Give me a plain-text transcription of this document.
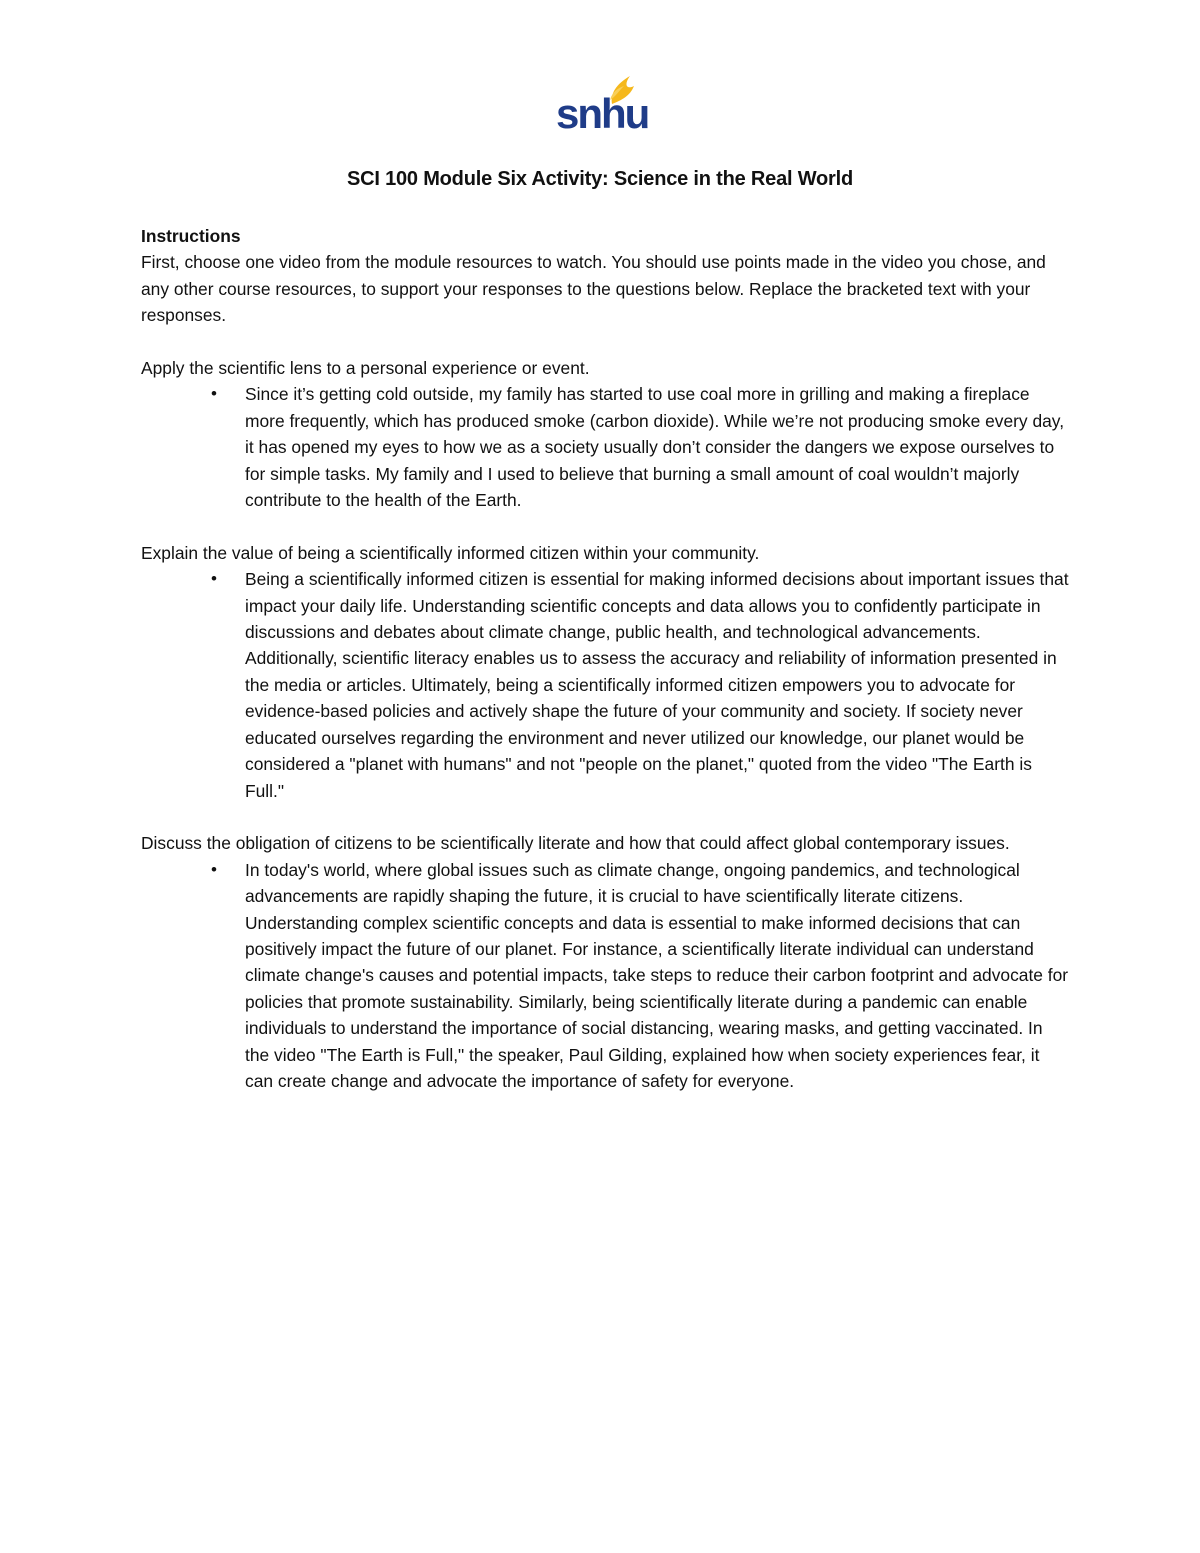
snhu
SCI 100 Module Six Activity: Science in the Real World

Instructions

First, choose one video from the module resources to watch. You should use points made in the video you chose, and any other course resources, to support your responses to the questions below. Replace the bracketed text with your responses.

Apply the scientific lens to a personal experience or event.

• Since it’s getting cold outside, my family has started to use coal more in grilling and making a fireplace more frequently, which has produced smoke (carbon dioxide). While we’re not producing smoke every day, it has opened my eyes to how we as a society usually don’t consider the dangers we expose ourselves to for simple tasks. My family and I used to believe that burning a small amount of coal wouldn’t majorly contribute to the health of the Earth.

Explain the value of being a scientifically informed citizen within your community.

• Being a scientifically informed citizen is essential for making informed decisions about important issues that impact your daily life. Understanding scientific concepts and data allows you to confidently participate in discussions and debates about climate change, public health, and technological advancements. Additionally, scientific literacy enables us to assess the accuracy and reliability of information presented in the media or articles. Ultimately, being a scientifically informed citizen empowers you to advocate for evidence-based policies and actively shape the future of your community and society. If society never educated ourselves regarding the environment and never utilized our knowledge, our planet would be considered a "planet with humans" and not "people on the planet," quoted from the video "The Earth is Full."

Discuss the obligation of citizens to be scientifically literate and how that could affect global contemporary issues.

• In today's world, where global issues such as climate change, ongoing pandemics, and technological advancements are rapidly shaping the future, it is crucial to have scientifically literate citizens. Understanding complex scientific concepts and data is essential to make informed decisions that can positively impact the future of our planet. For instance, a scientifically literate individual can understand climate change's causes and potential impacts, take steps to reduce their carbon footprint and advocate for policies that promote sustainability. Similarly, being scientifically literate during a pandemic can enable individuals to understand the importance of social distancing, wearing masks, and getting vaccinated. In the video "The Earth is Full," the speaker, Paul Gilding, explained how when society experiences fear, it can create change and advocate the importance of safety for everyone.
